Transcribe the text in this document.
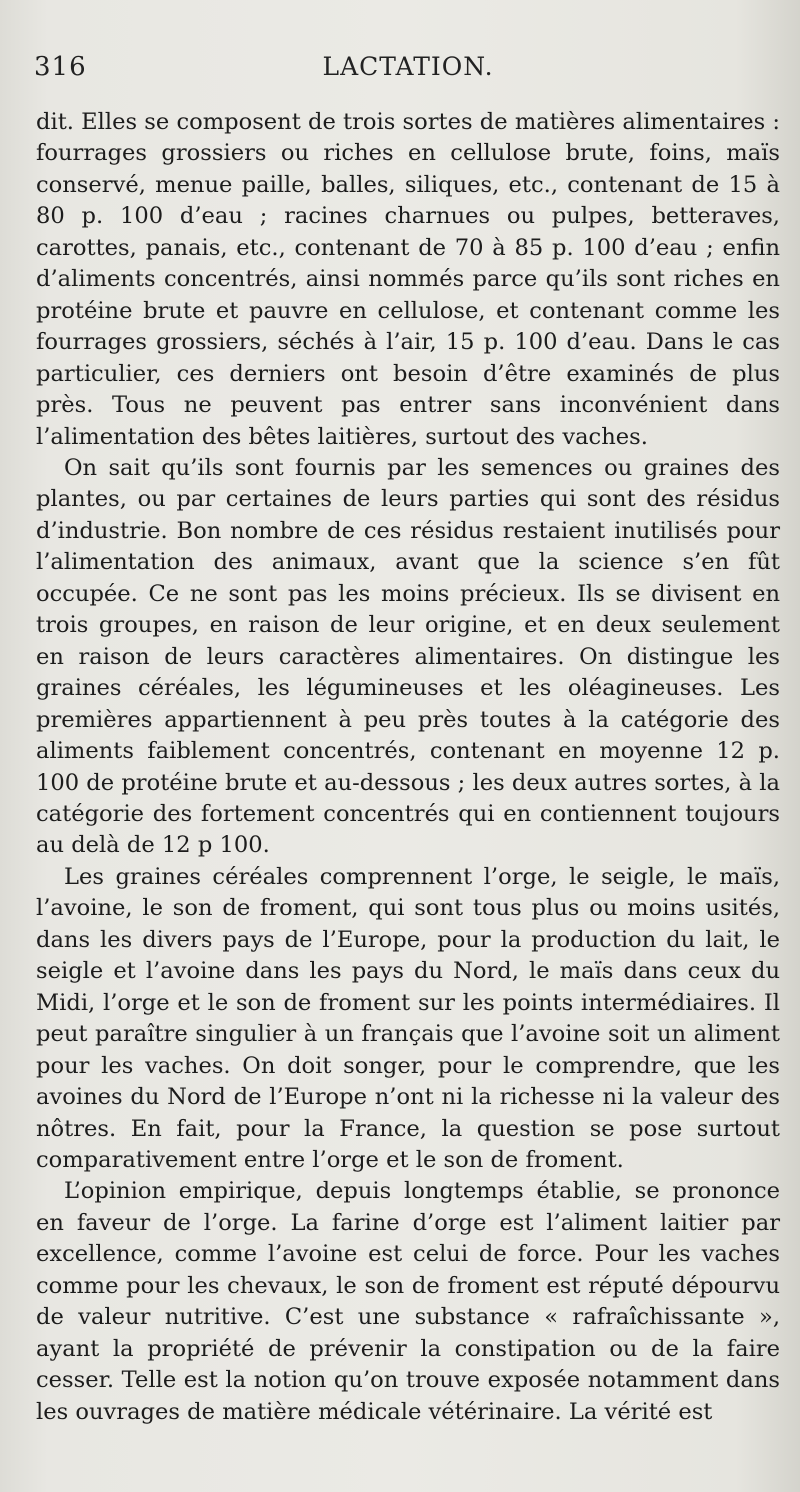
316	LACTATION.

dit. Elles se composent de trois sortes de matières alimentaires : fourrages grossiers ou riches en cellulose brute, foins, maïs conservé, menue paille, balles, siliques, etc., contenant de 15 à 80 p. 100 d’eau ; racines charnues ou pulpes, betteraves, carottes, panais, etc., contenant de 70 à 85 p. 100 d’eau ; enfin d’aliments concentrés, ainsi nommés parce qu’ils sont riches en protéine brute et pauvre en cellulose, et contenant comme les fourrages grossiers, séchés à l’air, 15 p. 100 d’eau. Dans le cas particulier, ces derniers ont besoin d’être examinés de plus près. Tous ne peuvent pas entrer sans inconvénient dans l’alimentation des bêtes laitières, surtout des vaches.

On sait qu’ils sont fournis par les semences ou graines des plantes, ou par certaines de leurs parties qui sont des résidus d’industrie. Bon nombre de ces résidus restaient inutilisés pour l’alimentation des animaux, avant que la science s’en fût occupée. Ce ne sont pas les moins précieux. Ils se divisent en trois groupes, en raison de leur origine, et en deux seulement en raison de leurs caractères alimentaires. On distingue les graines céréales, les légumineuses et les oléagineuses. Les premières appartiennent à peu près toutes à la catégorie des aliments faiblement concentrés, contenant en moyenne 12 p. 100 de protéine brute et au-dessous ; les deux autres sortes, à la catégorie des fortement concentrés qui en contiennent toujours au delà de 12 p 100.

Les graines céréales comprennent l’orge, le seigle, le maïs, l’avoine, le son de froment, qui sont tous plus ou moins usités, dans les divers pays de l’Europe, pour la production du lait, le seigle et l’avoine dans les pays du Nord, le maïs dans ceux du Midi, l’orge et le son de froment sur les points intermédiaires. Il peut paraître singulier à un français que l’avoine soit un aliment pour les vaches. On doit songer, pour le comprendre, que les avoines du Nord de l’Europe n’ont ni la richesse ni la valeur des nôtres. En fait, pour la France, la question se pose surtout comparativement entre l’orge et le son de froment.

L’opinion empirique, depuis longtemps établie, se prononce en faveur de l’orge. La farine d’orge est l’aliment laitier par excellence, comme l’avoine est celui de force. Pour les vaches comme pour les chevaux, le son de froment est réputé dépourvu de valeur nutritive. C’est une substance « rafraîchissante », ayant la propriété de prévenir la constipation ou de la faire cesser. Telle est la notion qu’on trouve exposée notamment dans les ouvrages de matière médicale vétérinaire. La vérité est
